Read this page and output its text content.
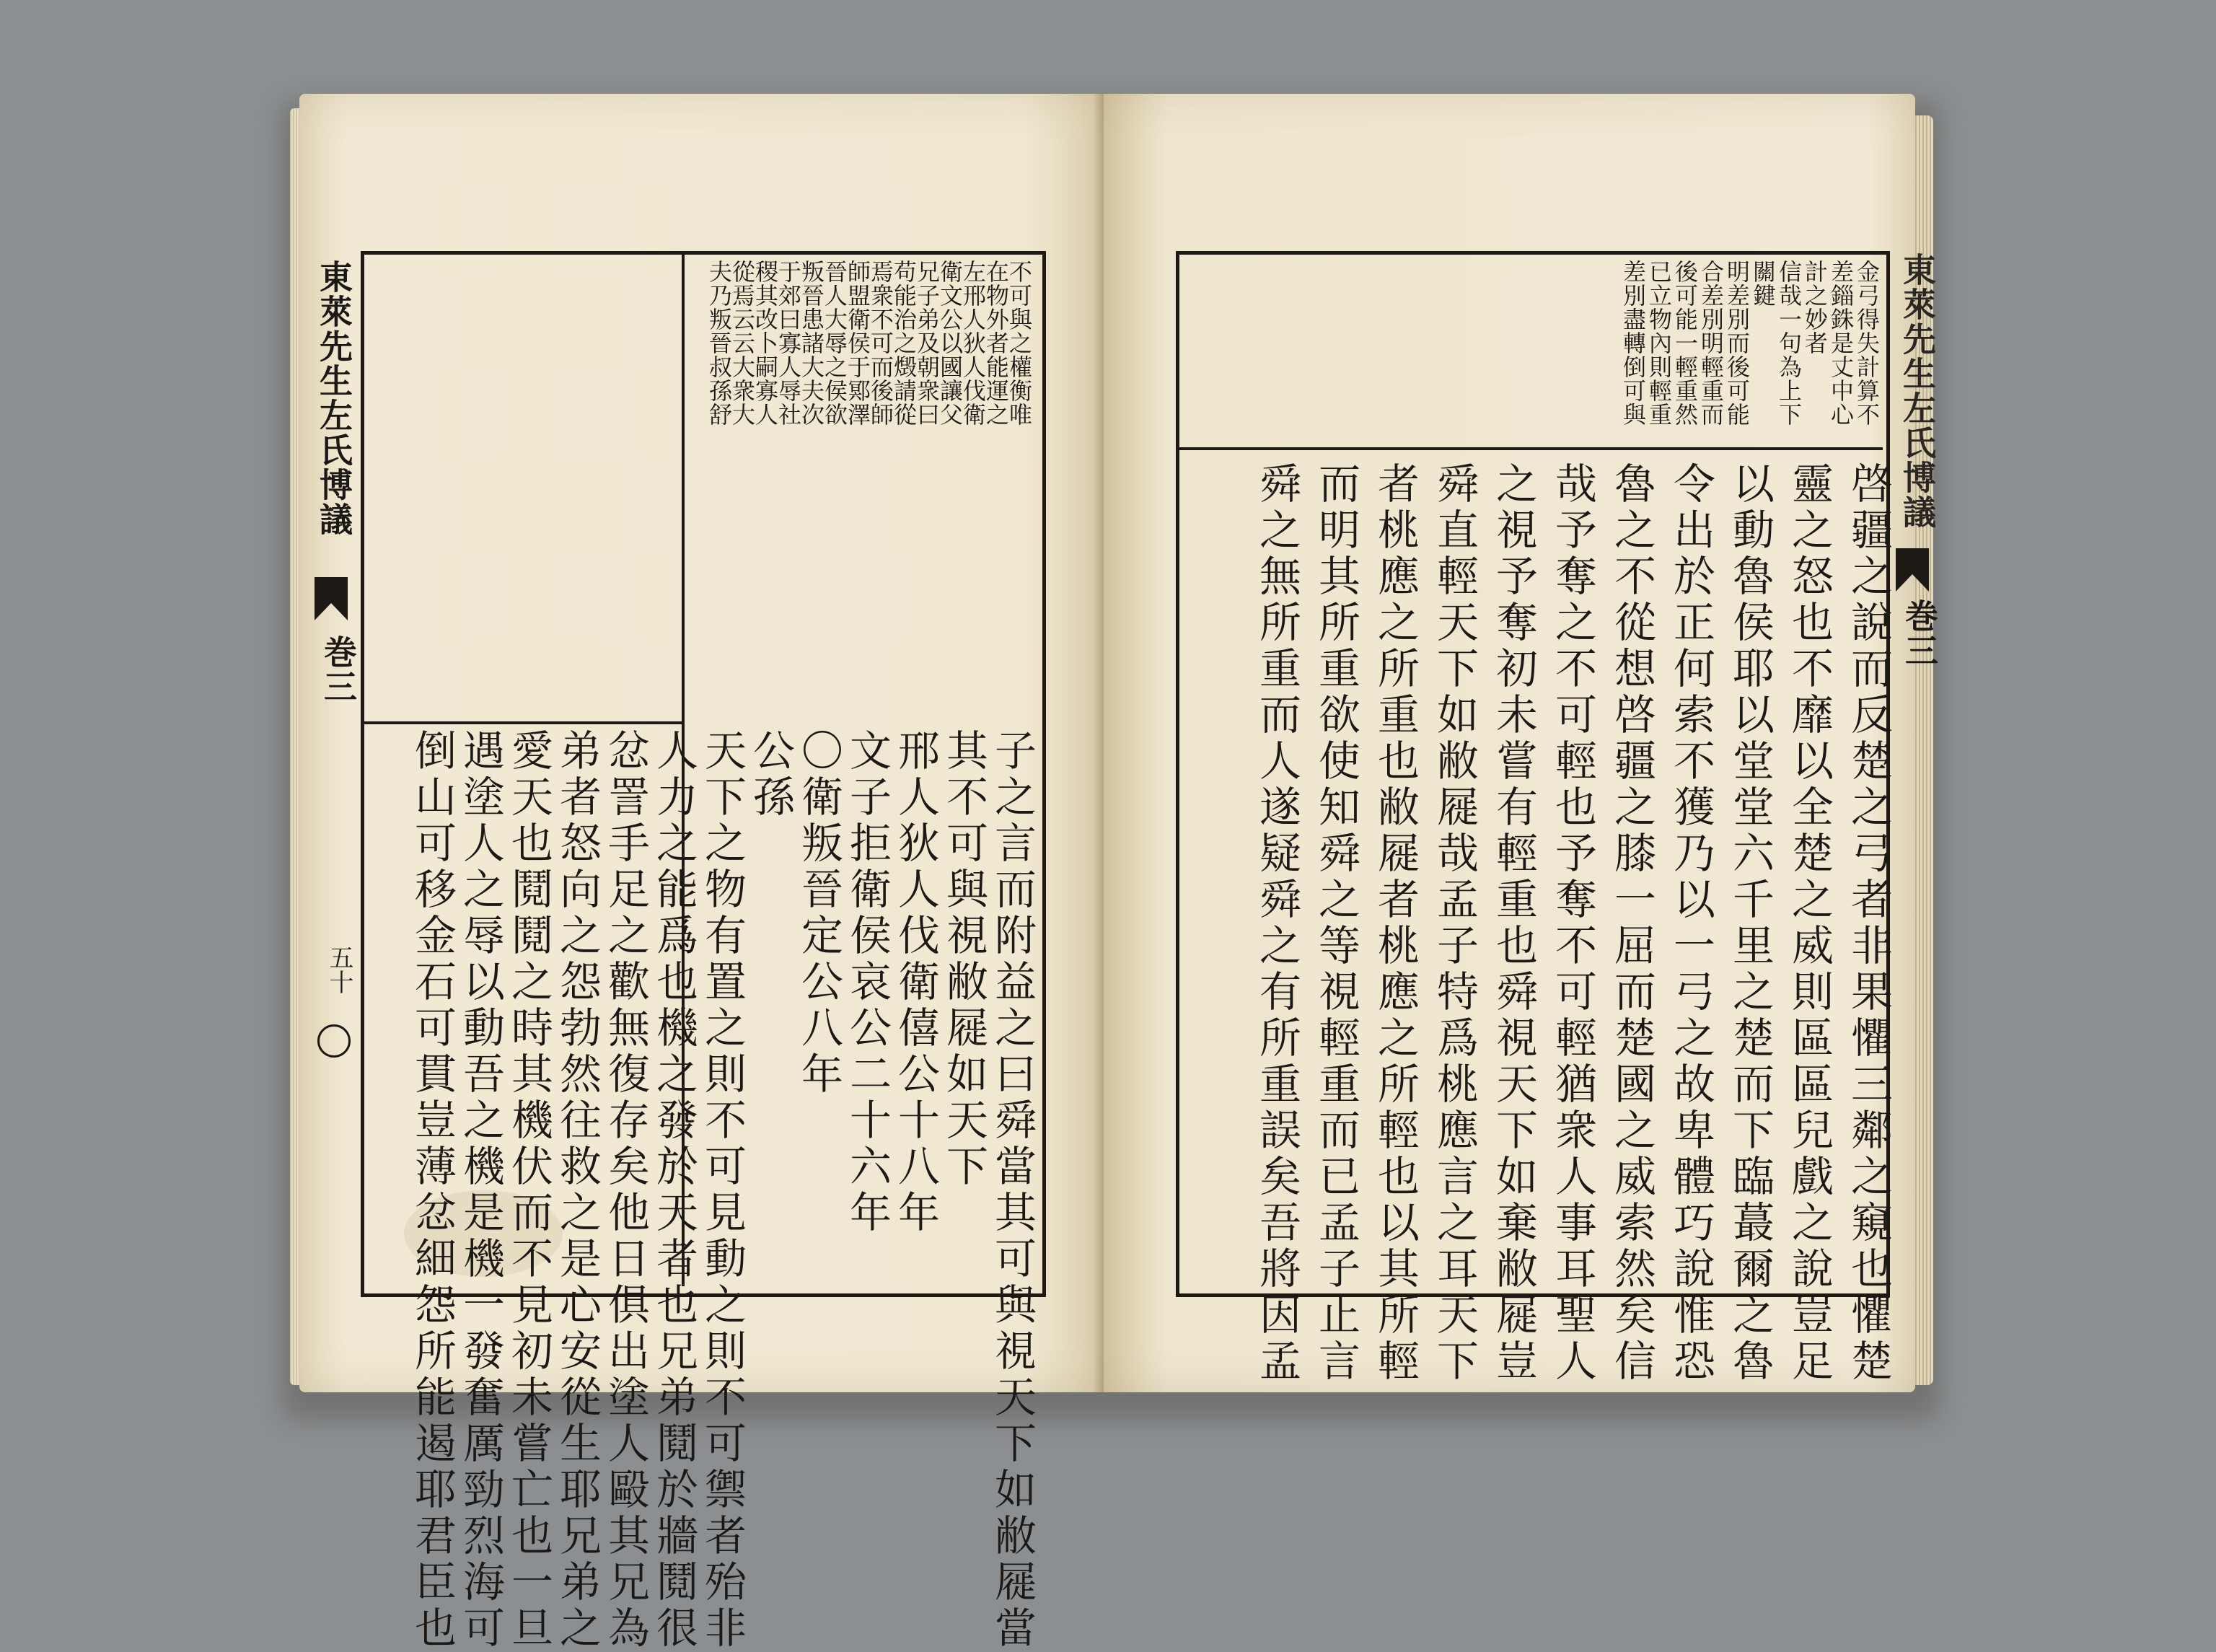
東萊先生左氏博議
巻三
五十
不可與之權衡唯
在物外者能運之
左邢人狄人伐衛
衛文公以國讓父
兄子弟及朝衆曰
苟能治之燬請從
焉衆不可而後師
師盟衛侯于鄍澤
晉人大辱之侯欲
叛晉患諸大夫次
于郊曰寡人辱社
稷其改卜嗣寡人
從焉云云大衆大
夫乃叛晉叔孫舒
子之言而附益之曰舜當其可與視天下如敝屣當
其不可與視敝屣如天下
邢人狄人伐衛僖公十八年
文子拒衛侯哀公二十六年
〇衛叛晉定公八年
公孫
天下之物有置之則不可見動之則不可禦者殆非
人力之能爲也機之發於天者也兄弟鬩於牆鬩很
忿詈手足之歡無復存矣他日俱出塗人毆其兄為
弟者怒向之怨勃然往救之是心安從生耶兄弟之
愛天也鬩鬩之時其機伏而不見初未嘗亡也一旦
遇塗人之辱以動吾之機是機一發奮厲勁烈海可
倒山可移金石可貫豈薄忿細怨所能遏耶君臣也
東萊先生左氏博議
巻三
金弓得失計算不
差錙銖是丈中心
計之妙者
信哉一句為上下
關鍵
明差別而後可能
合差別明輕重而
後可能一輕重然
已立物內則輕重
差別盡轉倒可與
啓疆之說而反楚之弓者非果懼三鄰之窺也懼楚
靈之怒也不靡以全楚之威則區區兒戲之說豈足
以動魯侯耶以堂堂六千里之楚而下臨蕞爾之魯
令出於正何索不獲乃以一弓之故卑體巧說惟恐
魯之不從想啓疆之膝一屈而楚國之威索然矣信
哉予奪之不可輕也予奪不可輕猶衆人事耳聖人
之視予奪初未嘗有輕重也舜視天下如棄敝屣豈
舜直輕天下如敝屣哉孟子特爲桃應言之耳天下
者桃應之所重也敝屣者桃應之所輕也以其所輕
而明其所重欲使知舜之等視輕重而已孟子止言
舜之無所重而人遂疑舜之有所重誤矣吾將因孟
